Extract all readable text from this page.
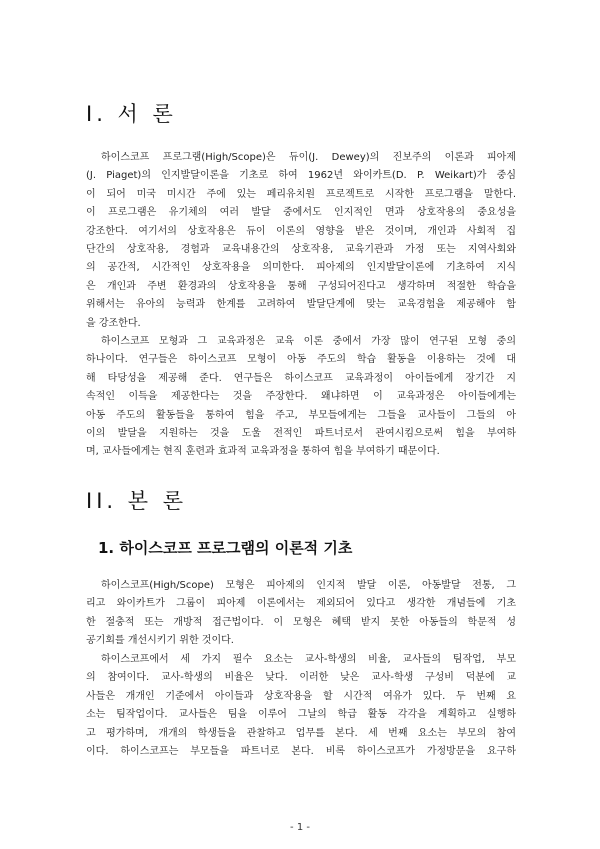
I. 서 론
하이스코프 프로그램(High/Scope)은 듀이(J. Dewey)의 진보주의 이론과 피아제
(J. Piaget)의 인지발달이론을 기초로 하여 1962년 와이카트(D. P. Weikart)가 중심
이 되어 미국 미시간 주에 있는 페리유치원 프로젝트로 시작한 프로그램을 말한다.
이 프로그램은 유기체의 여러 발달 중에서도 인지적인 면과 상호작용의 중요성을
강조한다. 여기서의 상호작용은 듀이 이론의 영향을 받은 것이며, 개인과 사회적 집
단간의 상호작용, 경험과 교육내용간의 상호작용, 교육기관과 가정 또는 지역사회와
의 공간적, 시간적인 상호작용을 의미한다. 피아제의 인지발달이론에 기초하여 지식
은 개인과 주변 환경과의 상호작용을 통해 구성되어진다고 생각하며 적절한 학습을
위해서는 유아의 능력과 한계를 고려하여 발달단계에 맞는 교육경험을 제공해야 함
을 강조한다.
하이스코프 모형과 그 교육과정은 교육 이론 중에서 가장 많이 연구된 모형 중의
하나이다. 연구들은 하이스코프 모형이 아동 주도의 학습 활동을 이용하는 것에 대
해 타당성을 제공해 준다. 연구들은 하이스코프 교육과정이 아이들에게 장기간 지
속적인 이득을 제공한다는 것을 주장한다. 왜냐하면 이 교육과정은 아이들에게는
아동 주도의 활동들을 통하여 힘을 주고, 부모들에게는 그들을 교사들이 그들의 아
이의 발달을 지원하는 것을 도울 전적인 파트너로서 관여시킴으로써 힘을 부여하
며, 교사들에게는 현직 훈련과 효과적 교육과정을 통하여 힘을 부여하기 때문이다.
II. 본 론
1. 하이스코프 프로그램의 이론적 기초
하이스코프(High/Scope) 모형은 피아제의 인지적 발달 이론, 아동발달 전통, 그
리고 와이카트가 그룹이 피아제 이론에서는 제외되어 있다고 생각한 개념들에 기초
한 절충적 또는 개방적 접근법이다. 이 모형은 혜택 받지 못한 아동들의 학문적 성
공기회를 개선시키기 위한 것이다.
하이스코프에서 세 가지 필수 요소는 교사-학생의 비율, 교사들의 팀작업, 부모
의 참여이다. 교사-학생의 비율은 낮다. 이러한 낮은 교사-학생 구성비 덕분에 교
사들은 개개인 기준에서 아이들과 상호작용을 할 시간적 여유가 있다. 두 번째 요
소는 팀작업이다. 교사들은 팀을 이루어 그날의 학급 활동 각각을 계획하고 실행하
고 평가하며, 개개의 학생들을 관찰하고 업무를 본다. 세 번째 요소는 부모의 참여
이다. 하이스코프는 부모들을 파트너로 본다. 비록 하이스코프가 가정방문을 요구하
- 1 -
